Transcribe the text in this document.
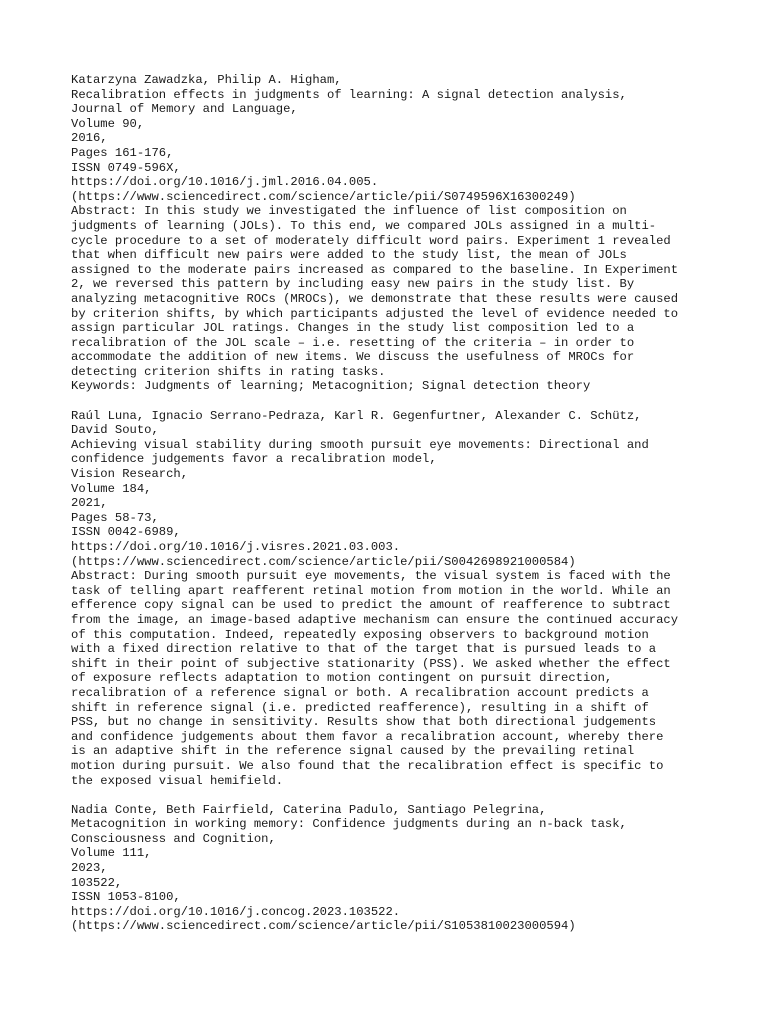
Katarzyna Zawadzka, Philip A. Higham,
Recalibration effects in judgments of learning: A signal detection analysis,
Journal of Memory and Language,
Volume 90,
2016,
Pages 161-176,
ISSN 0749-596X,
https://doi.org/10.1016/j.jml.2016.04.005.
(https://www.sciencedirect.com/science/article/pii/S0749596X16300249)
Abstract: In this study we investigated the influence of list composition on
judgments of learning (JOLs). To this end, we compared JOLs assigned in a multi-
cycle procedure to a set of moderately difficult word pairs. Experiment 1 revealed
that when difficult new pairs were added to the study list, the mean of JOLs
assigned to the moderate pairs increased as compared to the baseline. In Experiment
2, we reversed this pattern by including easy new pairs in the study list. By
analyzing metacognitive ROCs (MROCs), we demonstrate that these results were caused
by criterion shifts, by which participants adjusted the level of evidence needed to
assign particular JOL ratings. Changes in the study list composition led to a
recalibration of the JOL scale – i.e. resetting of the criteria – in order to
accommodate the addition of new items. We discuss the usefulness of MROCs for
detecting criterion shifts in rating tasks.
Keywords: Judgments of learning; Metacognition; Signal detection theory
Raúl Luna, Ignacio Serrano-Pedraza, Karl R. Gegenfurtner, Alexander C. Schütz,
David Souto,
Achieving visual stability during smooth pursuit eye movements: Directional and
confidence judgements favor a recalibration model,
Vision Research,
Volume 184,
2021,
Pages 58-73,
ISSN 0042-6989,
https://doi.org/10.1016/j.visres.2021.03.003.
(https://www.sciencedirect.com/science/article/pii/S0042698921000584)
Abstract: During smooth pursuit eye movements, the visual system is faced with the
task of telling apart reafferent retinal motion from motion in the world. While an
efference copy signal can be used to predict the amount of reafference to subtract
from the image, an image-based adaptive mechanism can ensure the continued accuracy
of this computation. Indeed, repeatedly exposing observers to background motion
with a fixed direction relative to that of the target that is pursued leads to a
shift in their point of subjective stationarity (PSS). We asked whether the effect
of exposure reflects adaptation to motion contingent on pursuit direction,
recalibration of a reference signal or both. A recalibration account predicts a
shift in reference signal (i.e. predicted reafference), resulting in a shift of
PSS, but no change in sensitivity. Results show that both directional judgements
and confidence judgements about them favor a recalibration account, whereby there
is an adaptive shift in the reference signal caused by the prevailing retinal
motion during pursuit. We also found that the recalibration effect is specific to
the exposed visual hemifield.
Nadia Conte, Beth Fairfield, Caterina Padulo, Santiago Pelegrina,
Metacognition in working memory: Confidence judgments during an n-back task,
Consciousness and Cognition,
Volume 111,
2023,
103522,
ISSN 1053-8100,
https://doi.org/10.1016/j.concog.2023.103522.
(https://www.sciencedirect.com/science/article/pii/S1053810023000594)
